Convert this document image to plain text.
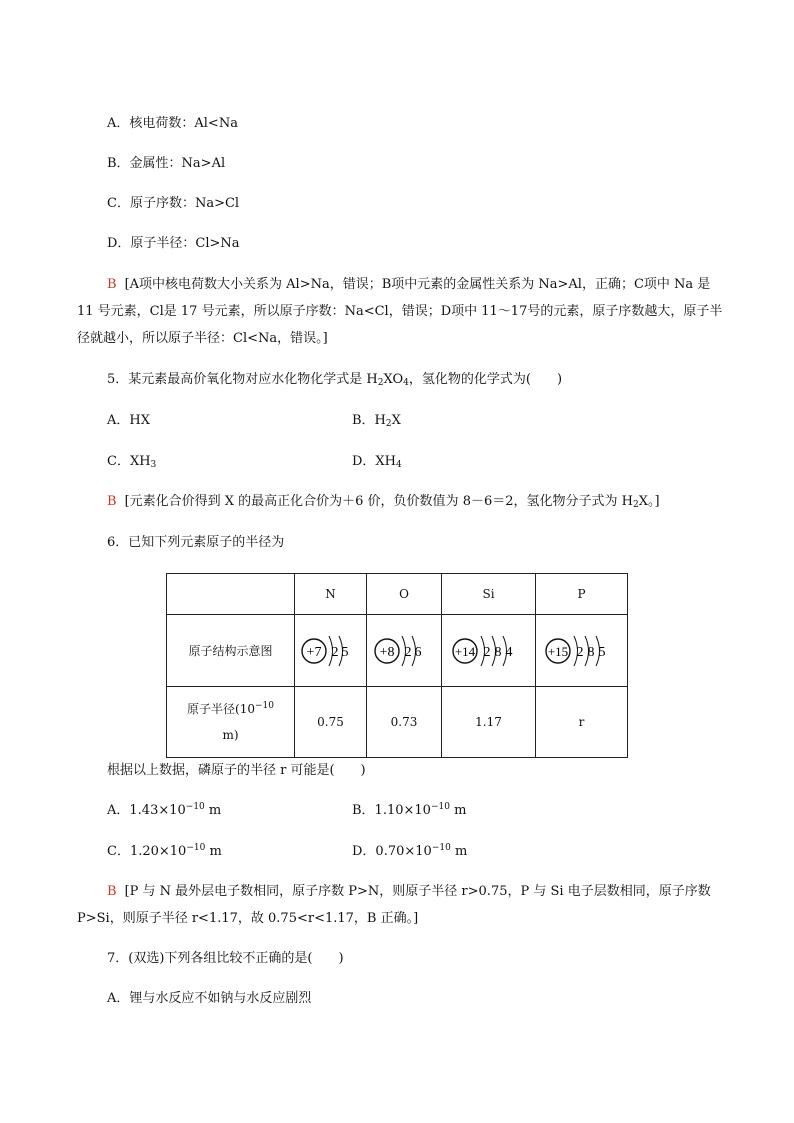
A．核电荷数：Al<Na
B．金属性：Na>Al
C．原子序数：Na>Cl
D．原子半径：Cl>Na
B [A项中核电荷数大小关系为 Al>Na，错误；B项中元素的金属性关系为 Na>Al，正确；C项中 Na 是 11 号元素，Cl是 17 号元素，所以原子序数：Na<Cl，错误；D项中 11～17号的元素，原子序数越大，原子半径就越小，所以原子半径：Cl<Na，错误。]
5．某元素最高价氧化物对应水化物化学式是 $H_2XO_4$，氢化物的化学式为(　　)
A．HX	B．$H_2X$
C．$XH_3$	D．$XH_4$
B [元素化合价得到 X 的最高正化合价为＋6 价，负价数值为 8－6＝2，氢化物分子式为 $H_2X$。]
6．已知下列元素原子的半径为
	N	O	Si	P
原子结构示意图	+7 2 5	+8 2 6	+14 2 8 4	+15 2 8 5

原子半径($10^{-10}$
m)	0.75	0.73	1.17	r
根据以上数据，磷原子的半径 r 可能是(　　)
A．$1.43\times 10^{-10}$ m	B．$1.10\times 10^{-10}$ m
C．$1.20\times 10^{-10}$ m	D．$0.70\times 10^{-10}$ m
B [P 与 N 最外层电子数相同，原子序数 P>N，则原子半径 r>0.75，P 与 Si 电子层数相同，原子序数 P>Si，则原子半径 r<1.17，故 0.75<r<1.17，B 正确。]
7．(双选)下列各组比较不正确的是(　　)
A．锂与水反应不如钠与水反应剧烈
